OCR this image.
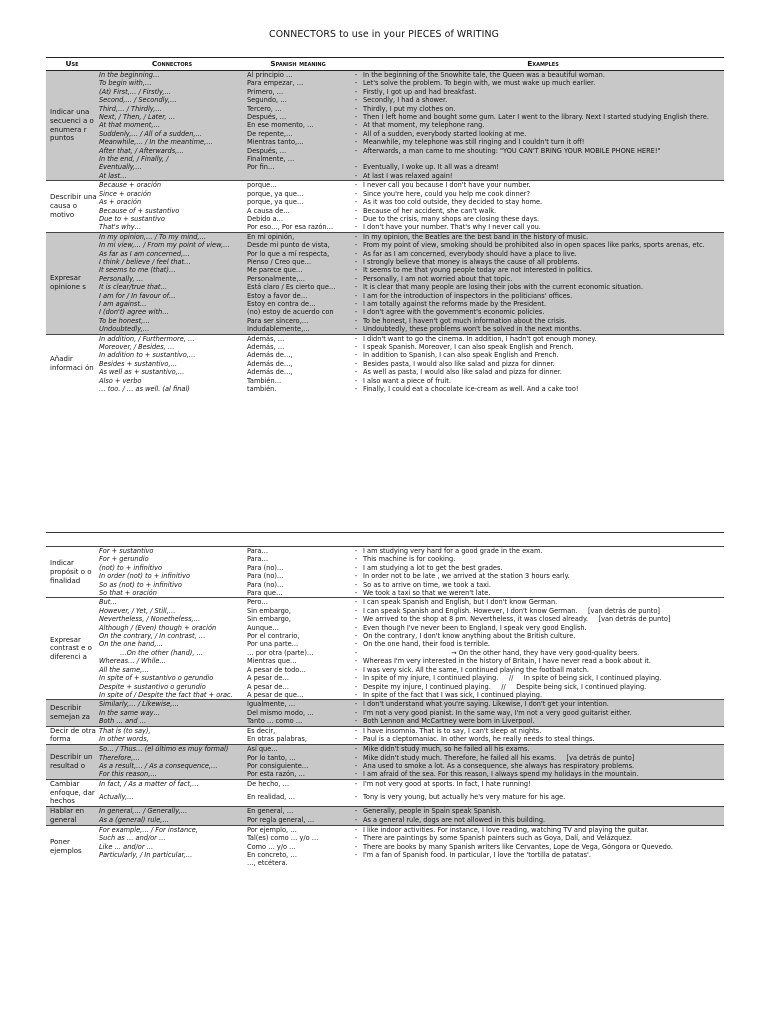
CONNECTORS to use in your PIECES of WRITING
Use	Connectors	Spanish meaning		Examples
Indicar una secuenci a o enumera r puntos	In the beginning…	Al principio …	-	In the beginning of the Snowhite tale, the Queen was a beautiful woman.
	To begin with,…	Para empezar, …	-	Let's solve the problem. To begin with, we must wake up much earlier.
	(At) First,… / Firstly,…	Primero, …	-	Firstly, I got up and had breakfast.
	Second,… / Secondly,…	Segundo, …	-	Secondly, I had a shower.
	Third,… / Thirdly,…	Tercero, …	-	Thirdly, I put my clothes on.
	Next, / Then, / Later, …	Después, …	-	Then I left home and bought some gum. Later I went to the library. Next I started studying English there.
	At that moment,…	En ese momento, …	-	At that moment, my telephone rang.
	Suddenly,… / All of a sudden,…	De repente,…	-	All of a sudden, everybody started looking at me.
	Meanwhile,… / In the meantime,…	Mientras tanto,…	-	Meanwhile, my telephone was still ringing and I couldn't turn it off!
	After that, / Afterwards,…	Después, …	-	Afterwards, a man came to me shouting: "YOU CAN'T BRING YOUR MOBILE PHONE HERE!"
	In the end, / Finally, /	Finalmente, …		
	Eventually,…	Por fin…	-	Eventually, I woke up. It all was a dream!
	At last…		-	At last I was relaxed again!
Describir una causa o motivo	Because + oración	porque…	-	I never call you because I don't have your number.
	Since + oración	porque, ya que…	-	Since you're here, could you help me cook dinner?
	As + oración	porque, ya que…	-	As it was too cold outside, they decided to stay home.
	Because of + sustantivo	A causa de…	-	Because of her accident, she can't walk.
	Due to + sustantivo	Debido a…	-	Due to the crisis, many shops are closing these days.
	That's why…	Por eso…, Por esa razón…	-	I don't have your number. That's why I never call you.
Expresar opinione s	In my opinion,… / To my mind,…	En mi opinión,	-	In my opinion, the Beatles are the best band in the history of music.
	In mi view,… / From my point of view,…	Desde mi punto de vista,	-	From my point of view, smoking should be prohibited also in open spaces like parks, sports arenas, etc.
	As far as I am concerned,…	Por lo que a mí respecta,	-	As far as I am concerned, everybody should have a place to live.
	I think / believe / feel that…	Pienso / Creo que…	-	I strongly believe that money is always the cause of all problems.
	It seems to me (that)…	Me parece que…	-	It seems to me that young people today are not interested in politics.
	Personally, …	Personalmente,…	-	Personally, I am not worried about that topic.
	It is clear/true that…	Está claro / Es cierto que…	-	It is clear that many people are losing their jobs with the current economic situation.
	I am for / In favour of…	Estoy a favor de…	-	I am for the introduction of inspectors in the politicians' offices.
	I am against…	Estoy en contra de…	-	I am totally against the reforms made by the President.
	I (don't) agree with…	(no) estoy de acuerdo con	-	I don't agree with the government's economic policies.
	To be honest,…	Para ser sincero,…	-	To be honest, I haven't got much information about the crisis.
	Undoubtedly,…	Indudablemente,…	-	Undoubtedly, these problems won't be solved in the next months.
Añadir informaci ón	In addition, / Furthermore, …	Además, …	-	I didn't want to go the cinema. In addition, I hadn't got enough money.
	Moreover, / Besides, …	Además, …	-	I speak Spanish. Moreover, I can also speak English and French.
	In addition to + sustantivo,…	Además de…,	-	In addition to Spanish, I can also speak English and French.
	Besides + sustantivo,…	Además de…,	-	Besides pasta, I would also like salad and pizza for dinner.
	As well as + sustantivo,…	Además de…,	-	As well as pasta, I would also like salad and pizza for dinner.
	Also + verbo	También…	-	I also want a piece of fruit.
	… too. / … as well. (al final)	también.	-	Finally, I could eat a chocolate ice-cream as well. And a cake too!
Indicar propósit o o finalidad	For + sustantivo	Para…	-	I am studying very hard for a good grade in the exam.
	For + gerundio	Para…	-	This machine is for cooking.
	(not) to + infinitivo	Para (no)…	-	I am studying a lot to get the best grades.
	In order (not) to + infinitivo	Para (no)…	-	In order not to be late , we arrived at the station 3 hours early.
	So as (not) to + infinitivo	Para (no)…	-	So as to arrive on time, we took a taxi.
	So that + oración	Para que…	-	We took a taxi so that we weren't late.
Expresar contrast e o diferenci a	But…	Pero…	-	I can speak Spanish and English, but I don't know German.
	However, / Yet, / Still,…	Sin embargo,	-	I can speak Spanish and English. However, I don't know German.     [van detrás de punto]
	Nevertheless, / Nonetheless,…	Sin embargo,	-	We arrived to the shop at 8 pm. Nevertheless, it was closed already.     [van detrás de punto]
	Although / (Even) though + oración	Aunque…	-	Even though I've never been to England, I speak very good English.
	On the contrary, / In contrast, …	Por el contrario,	-	On the contrary, I don't know anything about the British culture.
	On the one hand,…	Por una parte…	-	On the one hand, their food is terrible.
	…On the other (hand), …	… por otra (parte)…	-	→ On the other hand, they have very good-quality beers.
	Whereas… / While…	Mientras que…	-	Whereas I'm very interested in the history of Britain, I have never read a book about it.
	All the same,…	A pesar de todo…	-	I was very sick. All the same, I continued playing the football match.
	In spite of + sustantivo o gerundio	A pesar de…	-	In spite of my injure, I continued playing.     //     In spite of being sick, I continued playing.
	Despite + sustantivo o gerundio	A pesar de…	-	Despite my injure, I continued playing.     //     Despite being sick, I continued playing.
	In spite of / Despite the fact that + orac.	A pesar de que…	-	In spite of the fact that I was sick, I continued playing.
Describir semejan za	Similarly,… / Likewise,…	Igualmente, …	-	I don't understand what you're saying. Likewise, I don't get your intention.
	In the same way…	Del mismo modo, …	-	I'm not a very good pianist. In the same way, I'm not a very good guitarist either.
	Both … and …	Tanto … como …	-	Both Lennon and McCartney were born in Liverpool.
Decir de otra forma	That is (to say),	Es decir,	-	I have insomnia. That is to say, I can't sleep at nights.
	In other words,	En otras palabras,	-	Paul is a cleptomaniac. In other words, he really needs to steal things.
Describir un resultad o	So… / Thus… (el último es muy formal)	Así que…	-	Mike didn't study much, so he failed all his exams.
	Therefore,…	Por lo tanto, …	-	Mike didn't study much. Therefore, he failed all his exams.     [va detrás de punto]
	As a result,… / As a consequence,…	Por consiguiente…	-	Ana used to smoke a lot. As a consequence, she always has respiratory problems.
	For this reason,…	Por esta razón, …	-	I am afraid of the sea. For this reason, I always spend my holidays in the mountain.
Cambiar enfoque, dar hechos	In fact, / As a matter of fact,…	De hecho, …	-	I'm not very good at sports. In fact, I hate running!
	Actually,…	En realidad, …	-	Tony is very young, but actually he's very mature for his age.
Hablar en general	In general,… / Generally,…	En general, …	-	Generally, people in Spain speak Spanish.
	As a (general) rule,…	Por regla general, …	-	As a general rule, dogs are not allowed in this building.
Poner ejemplos	For example,… / For instance,	Por ejemplo, …	-	I like indoor activities. For instance, I love reading, watching TV and playing the guitar.
	Such as … and/or …	Tal(es) como … y/o …	-	There are paintings by some Spanish painters such as Goya, Dalí, and Velázquez.
	Like … and/or …	Como … y/o …	-	There are books by many Spanish writers like Cervantes, Lope de Vega, Góngora or Quevedo.
	Particularly, / In particular,…	En concreto, …	-	I'm a fan of Spanish food. In particular, I love the 'tortilla de patatas'.
		…, etcétera.		
